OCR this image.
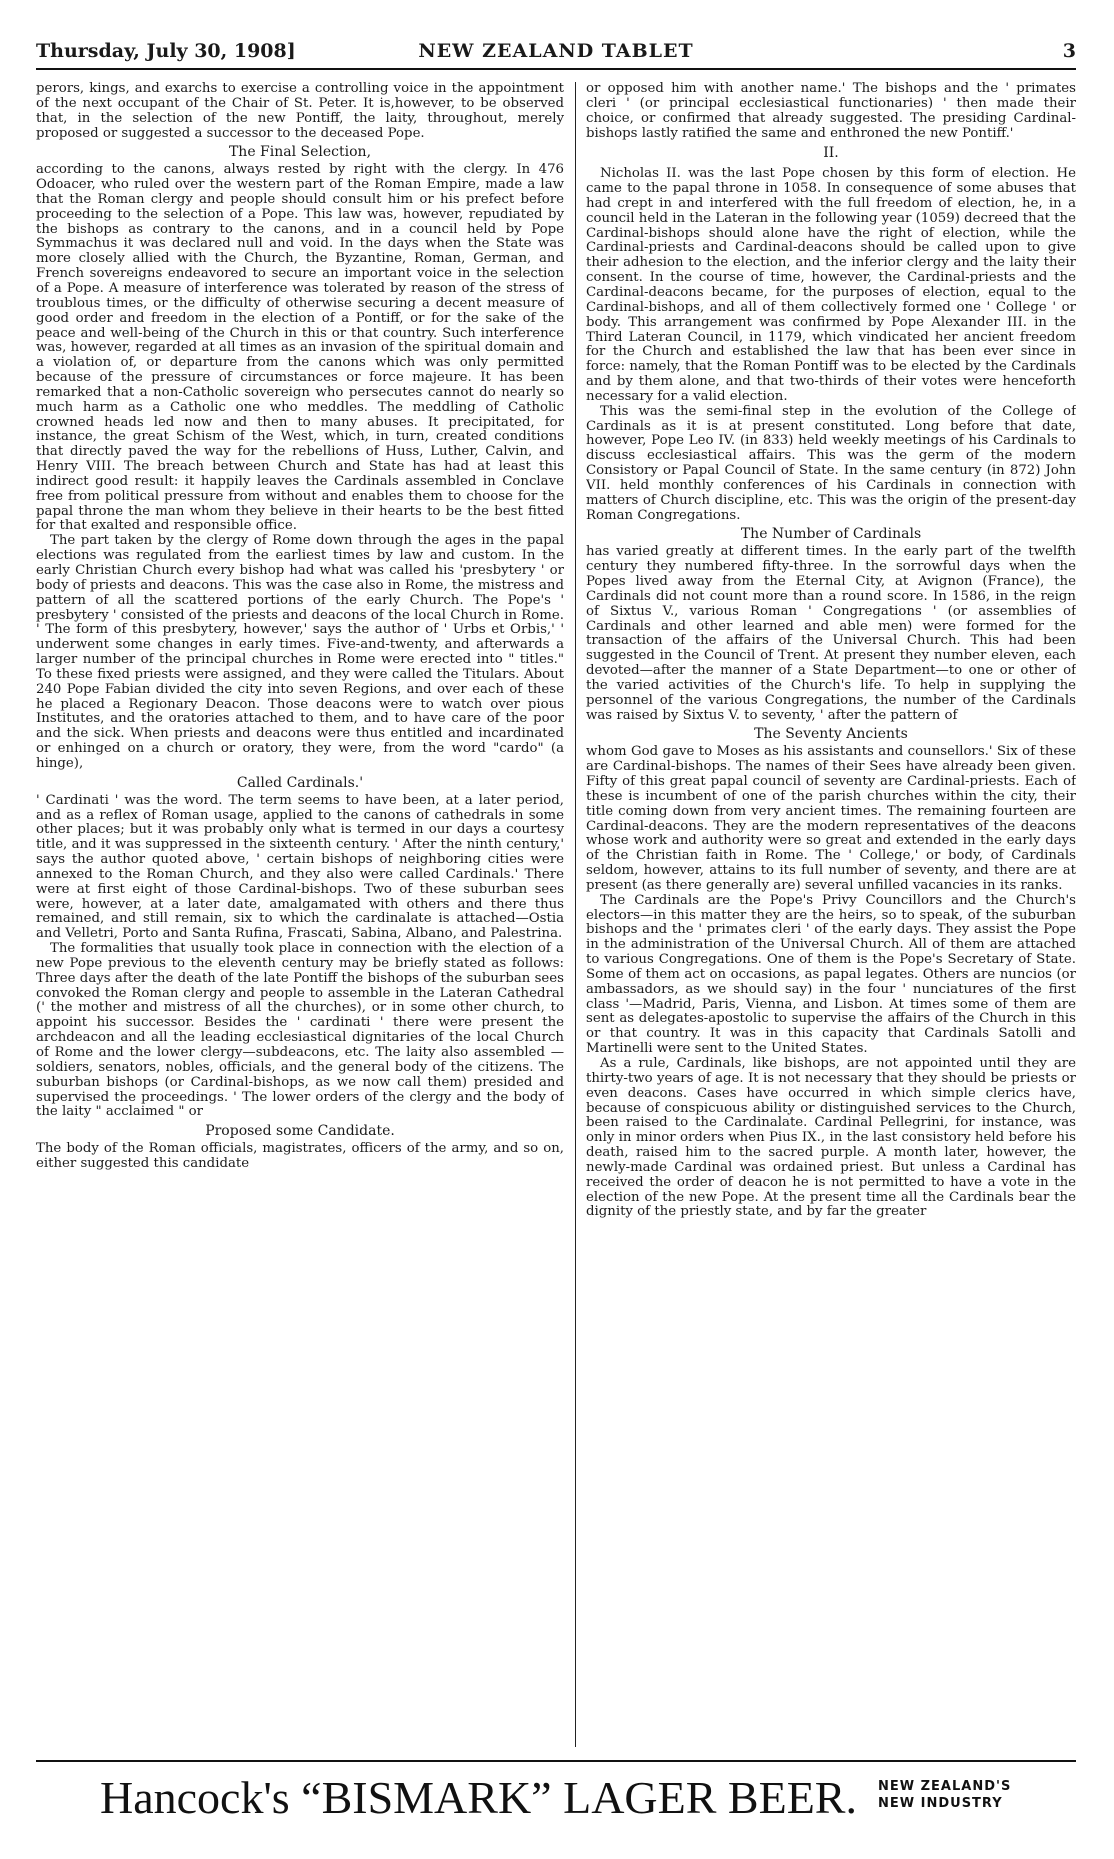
Thursday, July 30, 1908]	NEW ZEALAND TABLET	3

perors, kings, and exarchs to exercise a controlling voice in the appointment of the next occupant of the Chair of St. Peter. It is,however, to be observed that, in the selection of the new Pontiff, the laity, throughout, merely proposed or suggested a successor to the deceased Pope.

The Final Selection,

according to the canons, always rested by right with the clergy. In 476 Odoacer, who ruled over the western part of the Roman Empire, made a law that the Roman clergy and people should consult him or his prefect before proceeding to the selection of a Pope. This law was, however, repudiated by the bishops as contrary to the canons, and in a council held by Pope Symmachus it was declared null and void. In the days when the State was more closely allied with the Church, the Byzantine, Roman, German, and French sovereigns endeavored to secure an important voice in the selection of a Pope. A measure of interference was tolerated by reason of the stress of troublous times, or the difficulty of otherwise securing a decent measure of good order and freedom in the election of a Pontiff, or for the sake of the peace and well-being of the Church in this or that country. Such interference was, however, regarded at all times as an invasion of the spiritual domain and a violation of, or departure from the canons which was only permitted because of the pressure of circumstances or force majeure. It has been remarked that a non-Catholic sovereign who persecutes cannot do nearly so much harm as a Catholic one who meddles. The meddling of Catholic crowned heads led now and then to many abuses. It precipitated, for instance, the great Schism of the West, which, in turn, created conditions that directly paved the way for the rebellions of Huss, Luther, Calvin, and Henry VIII. The breach between Church and State has had at least this indirect good result: it happily leaves the Cardinals assembled in Conclave free from political pressure from without and enables them to choose for the papal throne the man whom they believe in their hearts to be the best fitted for that exalted and responsible office.

The part taken by the clergy of Rome down through the ages in the papal elections was regulated from the earliest times by law and custom. In the early Christian Church every bishop had what was called his 'presbytery ' or body of priests and deacons. This was the case also in Rome, the mistress and pattern of all the scattered portions of the early Church. The Pope's ' presbytery ' consisted of the priests and deacons of the local Church in Rome. ' The form of this presbytery, however,' says the author of ' Urbs et Orbis,' ' underwent some changes in early times. Five-and-twenty, and afterwards a larger number of the principal churches in Rome were erected into " titles." To these fixed priests were assigned, and they were called the Titulars. About 240 Pope Fabian divided the city into seven Regions, and over each of these he placed a Regionary Deacon. Those deacons were to watch over pious Institutes, and the oratories attached to them, and to have care of the poor and the sick. When priests and deacons were thus entitled and incardinated or enhinged on a church or oratory, they were, from the word "cardo" (a hinge),

Called Cardinals.'

' Cardinati ' was the word. The term seems to have been, at a later period, and as a reflex of Roman usage, applied to the canons of cathedrals in some other places; but it was probably only what is termed in our days a courtesy title, and it was suppressed in the sixteenth century. ' After the ninth century,' says the author quoted above, ' certain bishops of neighboring cities were annexed to the Roman Church, and they also were called Cardinals.' There were at first eight of those Cardinal-bishops. Two of these suburban sees were, however, at a later date, amalgamated with others and there thus remained, and still remain, six to which the cardinalate is attached—Ostia and Velletri, Porto and Santa Rufina, Frascati, Sabina, Albano, and Palestrina.

The formalities that usually took place in connection with the election of a new Pope previous to the eleventh century may be briefly stated as follows: Three days after the death of the late Pontiff the bishops of the suburban sees convoked the Roman clergy and people to assemble in the Lateran Cathedral (' the mother and mistress of all the churches), or in some other church, to appoint his successor. Besides the ' cardinati ' there were present the archdeacon and all the leading ecclesiastical dignitaries of the local Church of Rome and the lower clergy—subdeacons, etc. The laity also assembled —soldiers, senators, nobles, officials, and the general body of the citizens. The suburban bishops (or Cardinal-bishops, as we now call them) presided and supervised the proceedings. ' The lower orders of the clergy and the body of the laity " acclaimed " or

Proposed some Candidate.

The body of the Roman officials, magistrates, officers of the army, and so on, either suggested this candidate

or opposed him with another name.' The bishops and the ' primates cleri ' (or principal ecclesiastical functionaries) ' then made their choice, or confirmed that already suggested. The presiding Cardinal-bishops lastly ratified the same and enthroned the new Pontiff.'

II.

Nicholas II. was the last Pope chosen by this form of election. He came to the papal throne in 1058. In consequence of some abuses that had crept in and interfered with the full freedom of election, he, in a council held in the Lateran in the following year (1059) decreed that the Cardinal-bishops should alone have the right of election, while the Cardinal-priests and Cardinal-deacons should be called upon to give their adhesion to the election, and the inferior clergy and the laity their consent. In the course of time, however, the Cardinal-priests and the Cardinal-deacons became, for the purposes of election, equal to the Cardinal-bishops, and all of them collectively formed one ' College ' or body. This arrangement was confirmed by Pope Alexander III. in the Third Lateran Council, in 1179, which vindicated her ancient freedom for the Church and established the law that has been ever since in force: namely, that the Roman Pontiff was to be elected by the Cardinals and by them alone, and that two-thirds of their votes were henceforth necessary for a valid election.

This was the semi-final step in the evolution of the College of Cardinals as it is at present constituted. Long before that date, however, Pope Leo IV. (in 833) held weekly meetings of his Cardinals to discuss ecclesiastical affairs. This was the germ of the modern Consistory or Papal Council of State. In the same century (in 872) John VII. held monthly conferences of his Cardinals in connection with matters of Church discipline, etc. This was the origin of the present-day Roman Congregations.

The Number of Cardinals

has varied greatly at different times. In the early part of the twelfth century they numbered fifty-three. In the sorrowful days when the Popes lived away from the Eternal City, at Avignon (France), the Cardinals did not count more than a round score. In 1586, in the reign of Sixtus V., various Roman ' Congregations ' (or assemblies of Cardinals and other learned and able men) were formed for the transaction of the affairs of the Universal Church. This had been suggested in the Council of Trent. At present they number eleven, each devoted—after the manner of a State Department—to one or other of the varied activities of the Church's life. To help in supplying the personnel of the various Congregations, the number of the Cardinals was raised by Sixtus V. to seventy, ' after the pattern of

The Seventy Ancients

whom God gave to Moses as his assistants and counsellors.' Six of these are Cardinal-bishops. The names of their Sees have already been given. Fifty of this great papal council of seventy are Cardinal-priests. Each of these is incumbent of one of the parish churches within the city, their title coming down from very ancient times. The remaining fourteen are Cardinal-deacons. They are the modern representatives of the deacons whose work and authority were so great and extended in the early days of the Christian faith in Rome. The ' College,' or body, of Cardinals seldom, however, attains to its full number of seventy, and there are at present (as there generally are) several unfilled vacancies in its ranks.

The Cardinals are the Pope's Privy Councillors and the Church's electors—in this matter they are the heirs, so to speak, of the suburban bishops and the ' primates cleri ' of the early days. They assist the Pope in the administration of the Universal Church. All of them are attached to various Congregations. One of them is the Pope's Secretary of State. Some of them act on occasions, as papal legates. Others are nuncios (or ambassadors, as we should say) in the four ' nunciatures of the first class '—Madrid, Paris, Vienna, and Lisbon. At times some of them are sent as delegates-apostolic to supervise the affairs of the Church in this or that country. It was in this capacity that Cardinals Satolli and Martinelli were sent to the United States.

As a rule, Cardinals, like bishops, are not appointed until they are thirty-two years of age. It is not necessary that they should be priests or even deacons. Cases have occurred in which simple clerics have, because of conspicuous ability or distinguished services to the Church, been raised to the Cardinalate. Cardinal Pellegrini, for instance, was only in minor orders when Pius IX., in the last consistory held before his death, raised him to the sacred purple. A month later, however, the newly-made Cardinal was ordained priest. But unless a Cardinal has received the order of deacon he is not permitted to have a vote in the election of the new Pope. At the present time all the Cardinals bear the dignity of the priestly state, and by far the greater

Hancock's “BISMARK” LAGER BEER. NEW ZEALAND'S
NEW INDUSTRY
